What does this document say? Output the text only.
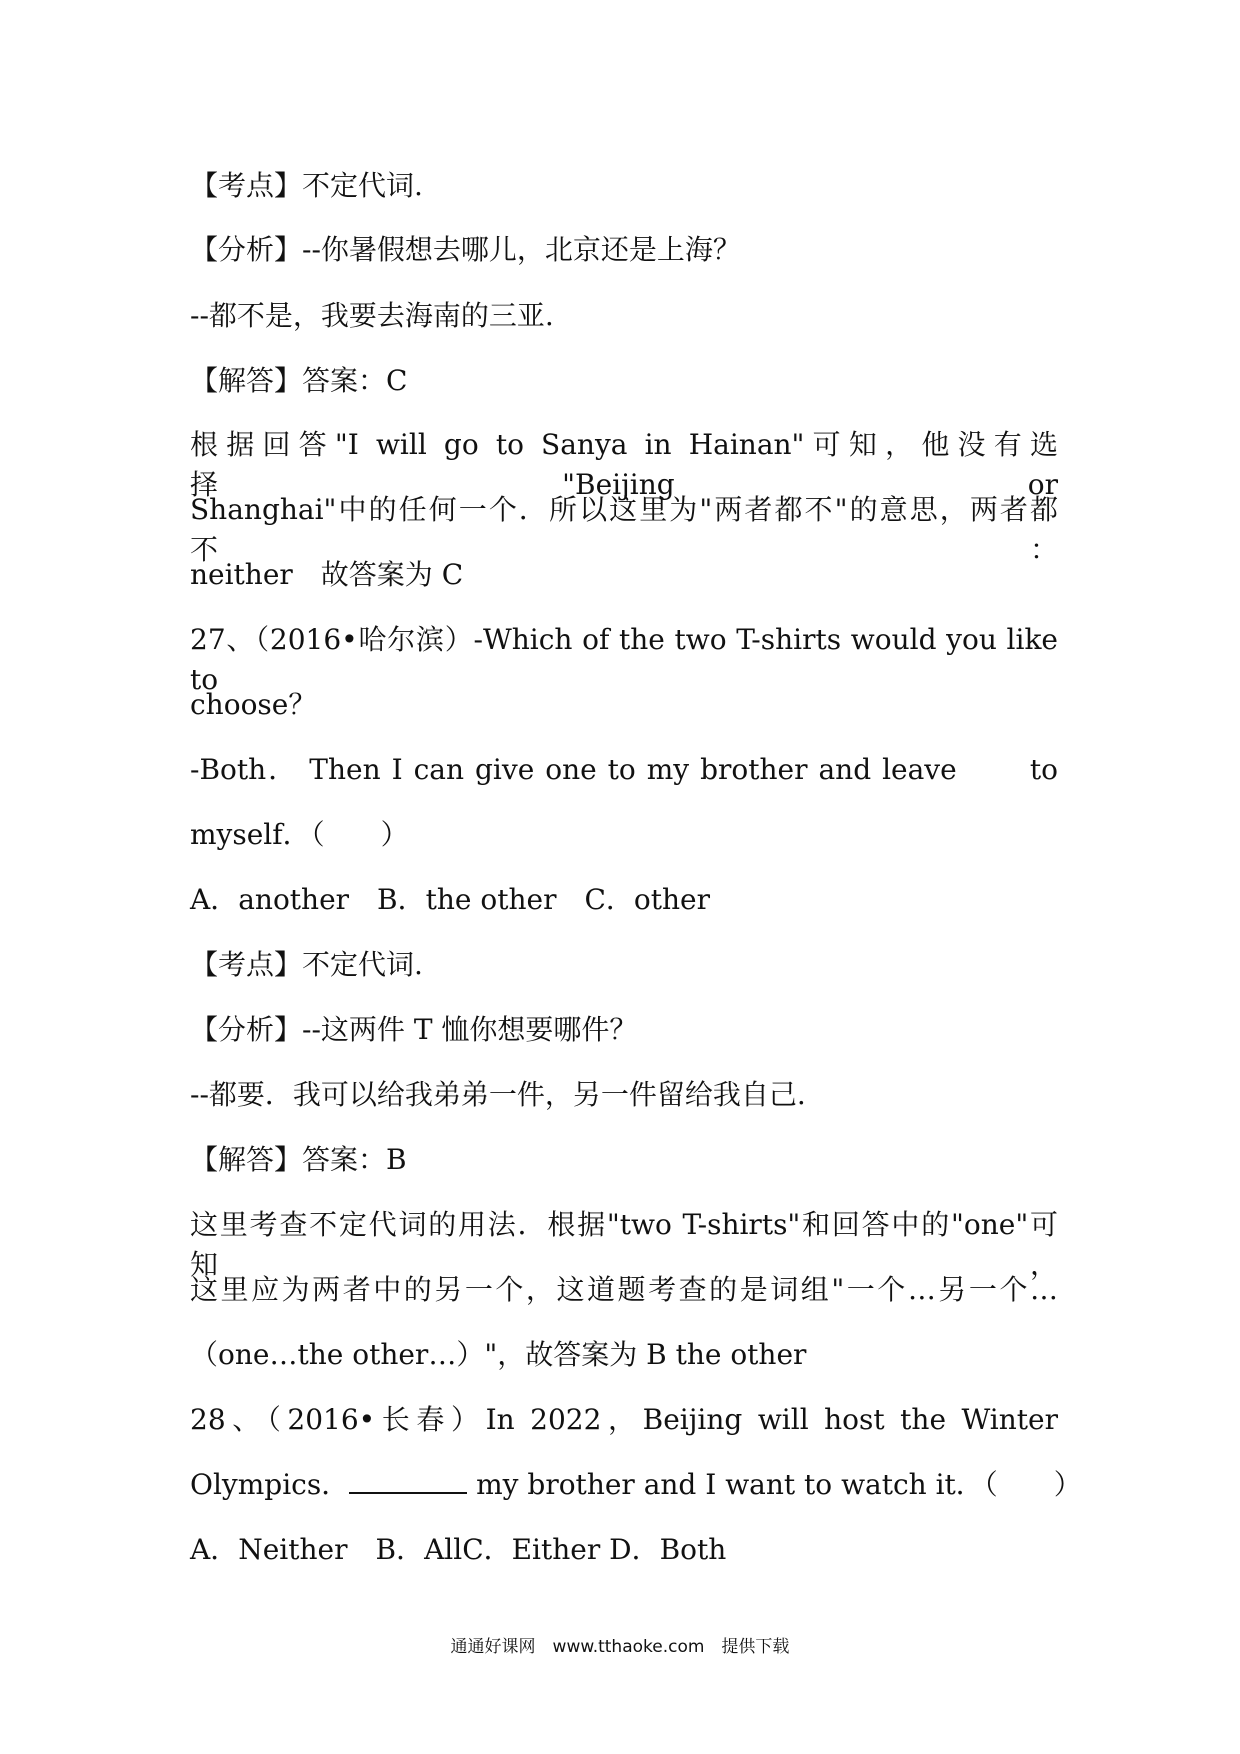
【考点】不定代词.
【分析】--你暑假想去哪儿，北京还是上海？
--都不是，我要去海南的三亚.
【解答】答案：C
根据回答"I will go to Sanya in Hainan"可知，他没有选择"Beijing or
Shanghai"中的任何一个．所以这里为"两者都不"的意思，两者都不：
neither　故答案为 C
27、（2016•哈尔滨）-Which of the two T-shirts would you like to
choose？
-Both． Then I can give one to my brother and leave　　 to
myself．（　　）
A．another　B．the other　C．other
【考点】不定代词.
【分析】--这两件 T 恤你想要哪件？
--都要．我可以给我弟弟一件，另一件留给我自己.
【解答】答案：B
这里考查不定代词的用法．根据"two T-shirts"和回答中的"one"可知，
这里应为两者中的另一个，这道题考查的是词组"一个…另一个…
（one…the other…）"，故答案为 B the other
28、（2016•长春）In 2022，Beijing will host the Winter
Olympics．	my brother and I want to watch it．（　　）
A．Neither　B．AllC．Either D．Both
通通好课网　www.tthaoke.com　提供下载
